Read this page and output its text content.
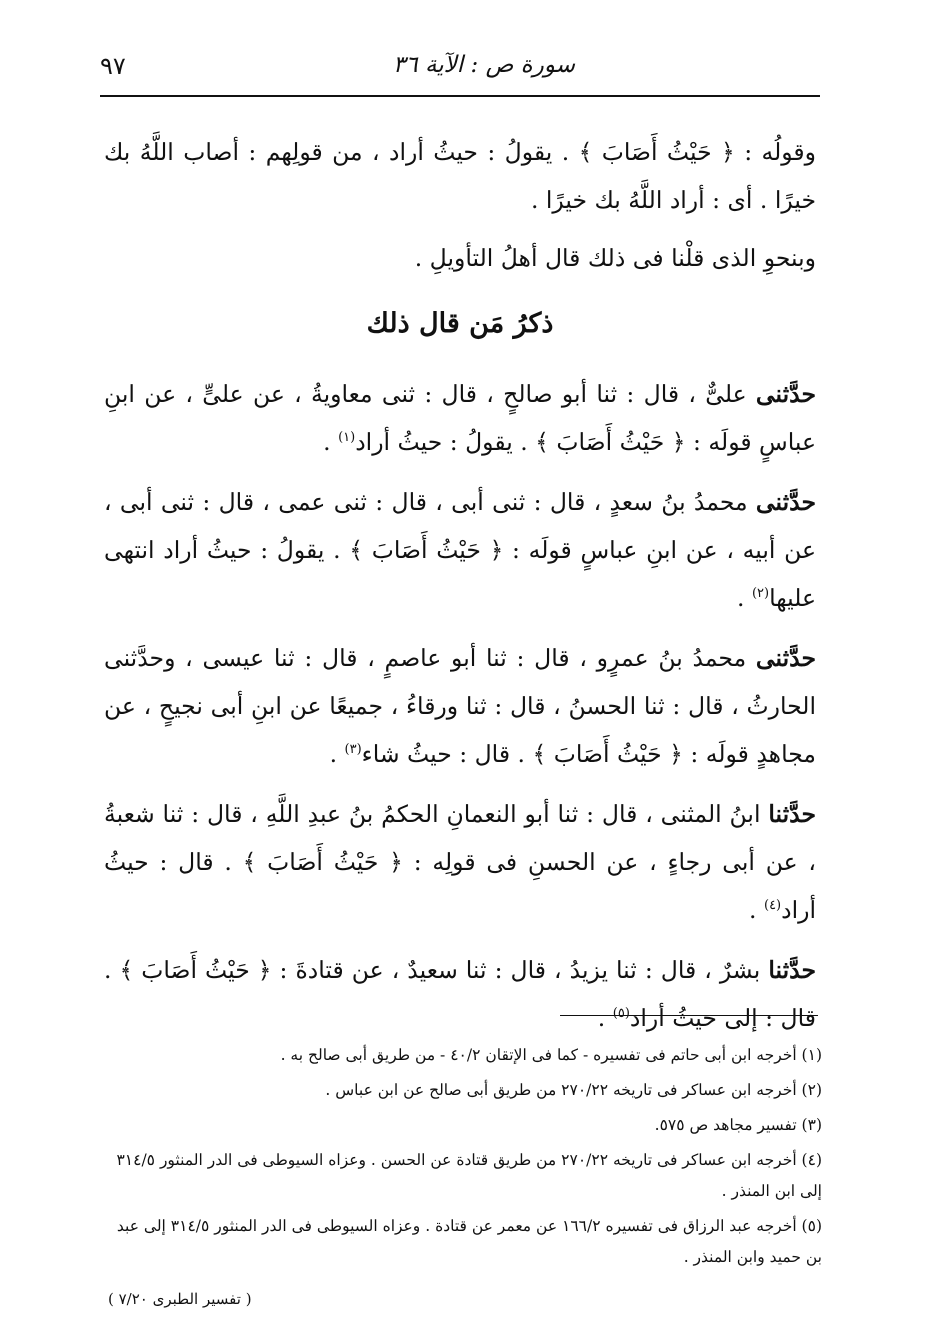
سورة ص : الآية ٣٦
٩٧

وقولُه : ﴿ حَيْثُ أَصَابَ ﴾ . يقولُ : حيثُ أراد ، من قولِهم : أصاب اللَّهُ بك خيرًا . أى : أراد اللَّهُ بك خيرًا .

وبنحوِ الذى قلْنا فى ذلك قال أهلُ التأويلِ .

ذكرُ مَن قال ذلك

حدَّثنى علىٌّ ، قال : ثنا أبو صالحٍ ، قال : ثنى معاويةُ ، عن علىٍّ ، عن ابنِ عباسٍ قولَه : ﴿ حَيْثُ أَصَابَ ﴾ . يقولُ : حيثُ أراد$^{(١)}$ .

حدَّثنى محمدُ بنُ سعدٍ ، قال : ثنى أبى ، قال : ثنى عمى ، قال : ثنى أبى ، عن أبيه ، عن ابنِ عباسٍ قولَه : ﴿ حَيْثُ أَصَابَ ﴾ . يقولُ : حيثُ أراد انتهى عليها$^{(٢)}$ .

حدَّثنى محمدُ بنُ عمرٍو ، قال : ثنا أبو عاصمٍ ، قال : ثنا عيسى ، وحدَّثنى الحارثُ ، قال : ثنا الحسنُ ، قال : ثنا ورقاءُ ، جميعًا عن ابنِ أبى نجيحٍ ، عن مجاهدٍ قولَه : ﴿ حَيْثُ أَصَابَ ﴾ . قال : حيثُ شاء$^{(٣)}$ .

حدَّثنا ابنُ المثنى ، قال : ثنا أبو النعمانِ الحكمُ بنُ عبدِ اللَّهِ ، قال : ثنا شعبةُ ، عن أبى رجاءٍ ، عن الحسنِ فى قولِه : ﴿ حَيْثُ أَصَابَ ﴾ . قال : حيثُ أراد$^{(٤)}$ .

حدَّثنا بشرٌ ، قال : ثنا يزيدُ ، قال : ثنا سعيدٌ ، عن قتادةَ : ﴿ حَيْثُ أَصَابَ ﴾ . قال : إلى حيثُ أراد$^{(٥)}$ .

(١) أخرجه ابن أبى حاتم فى تفسيره - كما فى الإتقان ٤٠/٢ - من طريق أبى صالح به .
(٢) أخرجه ابن عساكر فى تاريخه ٢٧٠/٢٢ من طريق أبى صالح عن ابن عباس .
(٣) تفسير مجاهد ص ٥٧٥.
(٤) أخرجه ابن عساكر فى تاريخه ٢٧٠/٢٢ من طريق قتادة عن الحسن . وعزاه السيوطى فى الدر المنثور ٣١٤/٥ إلى ابن المنذر .
(٥) أخرجه عبد الرزاق فى تفسيره ١٦٦/٢ عن معمر عن قتادة . وعزاه السيوطى فى الدر المنثور ٣١٤/٥ إلى عبد بن حميد وابن المنذر .
( تفسير الطبرى ٧/٢٠ )
